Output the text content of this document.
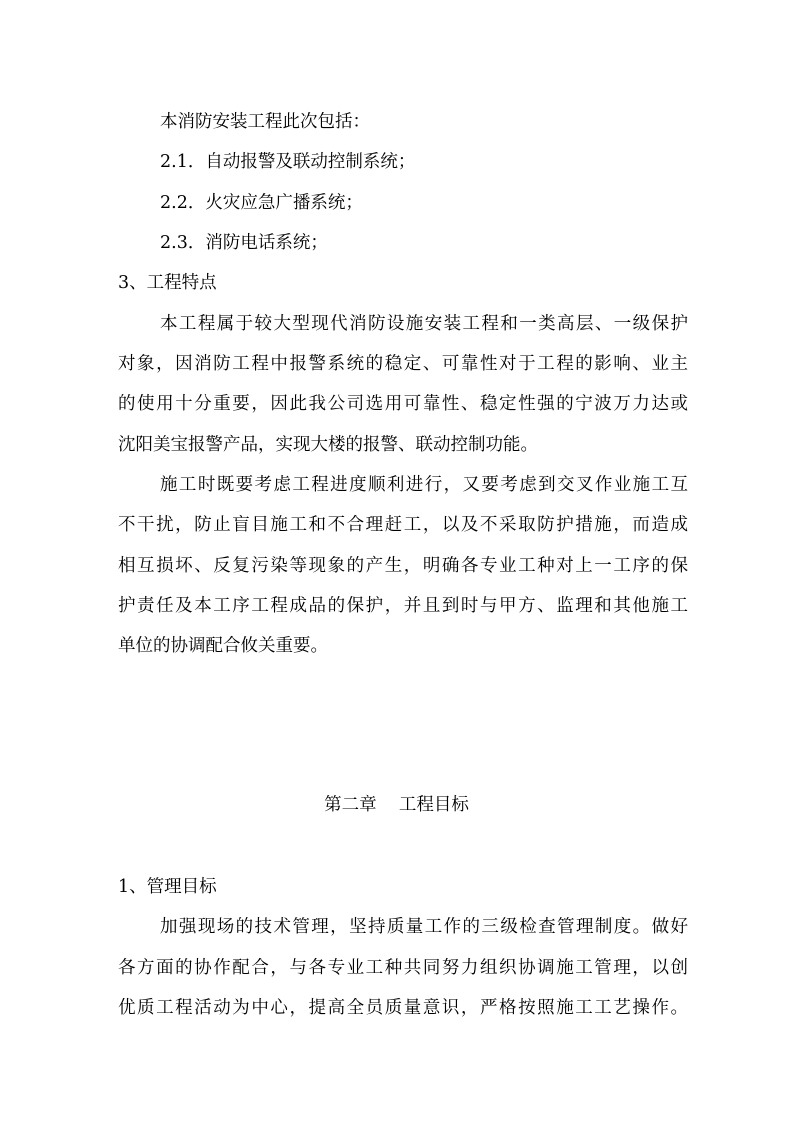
本消防安装工程此次包括：
2.1．自动报警及联动控制系统；
2.2．火灾应急广播系统；
2.3．消防电话系统；
3、工程特点
本工程属于较大型现代消防设施安装工程和一类高层、一级保护
对象，因消防工程中报警系统的稳定、可靠性对于工程的影响、业主
的使用十分重要，因此我公司选用可靠性、稳定性强的宁波万力达或
沈阳美宝报警产品，实现大楼的报警、联动控制功能。
施工时既要考虑工程进度顺利进行，又要考虑到交叉作业施工互
不干扰，防止盲目施工和不合理赶工，以及不采取防护措施，而造成
相互损坏、反复污染等现象的产生，明确各专业工种对上一工序的保
护责任及本工序工程成品的保护，并且到时与甲方、监理和其他施工
单位的协调配合攸关重要。
第二章    工程目标
1、管理目标
加强现场的技术管理，坚持质量工作的三级检查管理制度。做好
各方面的协作配合，与各专业工种共同努力组织协调施工管理，以创
优质工程活动为中心，提高全员质量意识，严格按照施工工艺操作。
